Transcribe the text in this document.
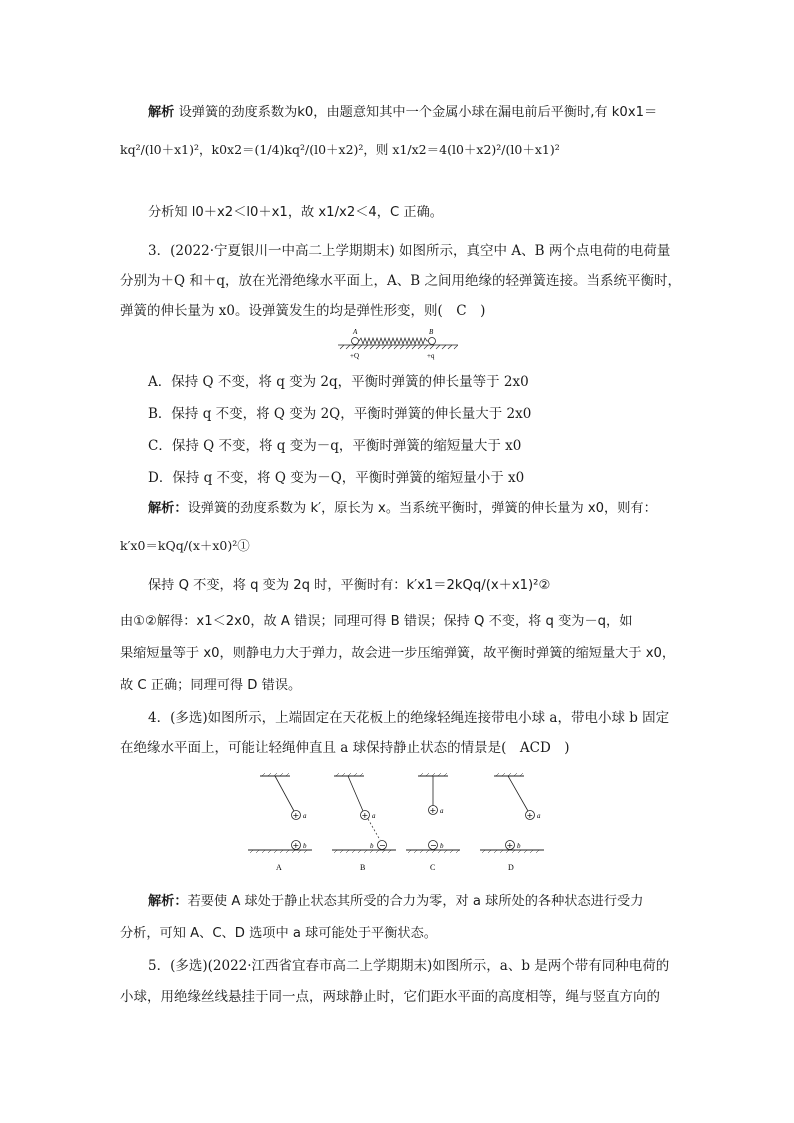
解析 设弹簧的劲度系数为k0，由题意知其中一个金属小球在漏电前后平衡时,有 k0x1＝
kq²/(l0＋x1)²，k0x2＝(1/4)kq²/(l0＋x2)²，则 x1/x2＝4(l0＋x2)²/(l0＋x1)²
分析知 l0＋x2＜l0＋x1，故 x1/x2＜4，C 正确。
3．(2022·宁夏银川一中高二上学期期末) 如图所示，真空中 A、B 两个点电荷的电荷量
分别为＋Q 和＋q，放在光滑绝缘水平面上，A、B 之间用绝缘的轻弹簧连接。当系统平衡时，
弹簧的伸长量为 x0。设弹簧发生的均是弹性形变，则(　C　)
A	B
+Q	+q
A．保持 Q 不变，将 q 变为 2q，平衡时弹簧的伸长量等于 2x0
B．保持 q 不变，将 Q 变为 2Q，平衡时弹簧的伸长量大于 2x0
C．保持 Q 不变，将 q 变为－q，平衡时弹簧的缩短量大于 x0
D．保持 q 不变，将 Q 变为－Q，平衡时弹簧的缩短量小于 x0
解析：设弹簧的劲度系数为 k′，原长为 x。当系统平衡时，弹簧的伸长量为 x0，则有：
k′x0＝kQq/(x＋x0)²①
保持 Q 不变，将 q 变为 2q 时，平衡时有：k′x1＝2kQq/(x＋x1)²②
由①②解得：x1＜2x0，故 A 错误；同理可得 B 错误；保持 Q 不变，将 q 变为－q，如
果缩短量等于 x0，则静电力大于弹力，故会进一步压缩弹簧，故平衡时弹簧的缩短量大于 x0，
故 C 正确；同理可得 D 错误。
4．(多选)如图所示，上端固定在天花板上的绝缘轻绳连接带电小球 a，带电小球 b 固定
在绝缘水平面上，可能让轻绳伸直且 a 球保持静止状态的情景是(　ACD　)
+ a
+ b
A
+ a
−
b
B
+ a
− b
C
+ a
+ b
D
解析：若要使 A 球处于静止状态其所受的合力为零，对 a 球所处的各种状态进行受力
分析，可知 A、C、D 选项中 a 球可能处于平衡状态。
5．(多选)(2022·江西省宜春市高二上学期期末)如图所示，a、b 是两个带有同种电荷的
小球，用绝缘丝线悬挂于同一点，两球静止时，它们距水平面的高度相等，绳与竖直方向的
